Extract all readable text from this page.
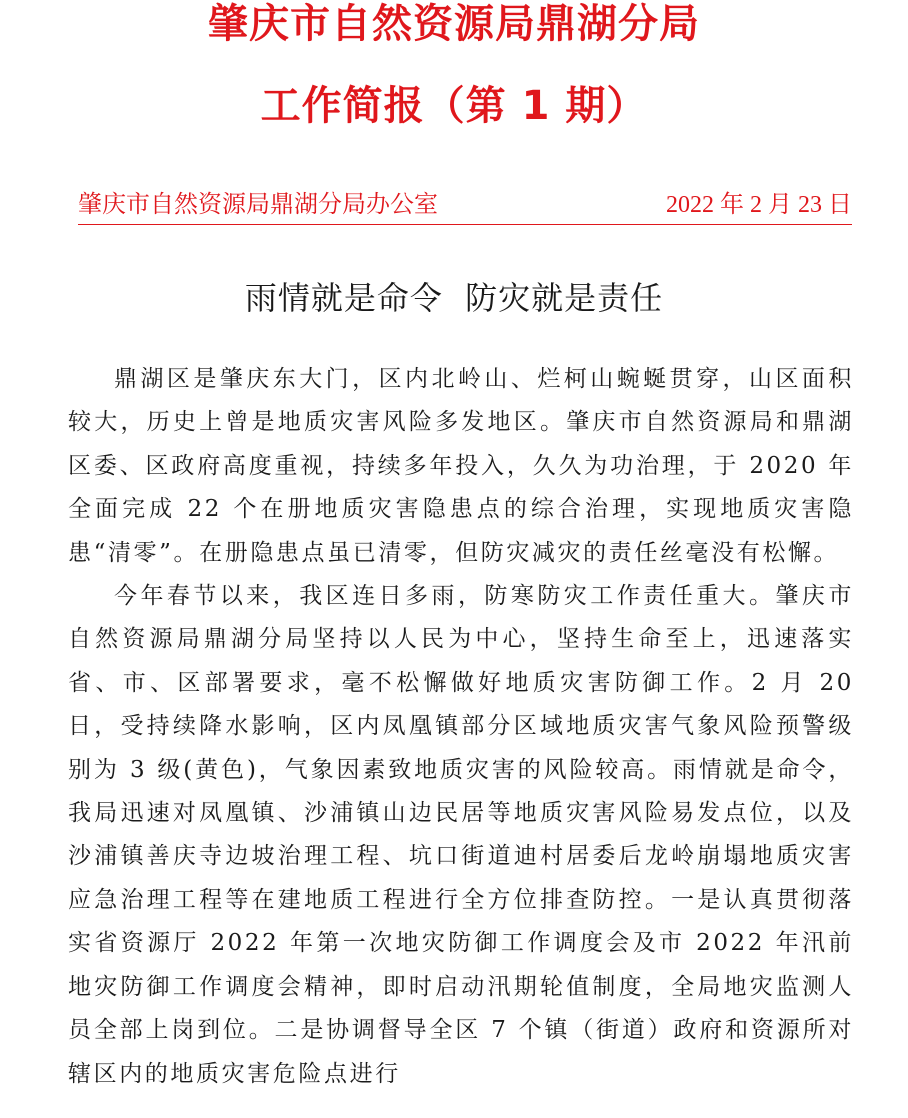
肇庆市自然资源局鼎湖分局
工作简报（第 1 期）
肇庆市自然资源局鼎湖分局办公室	2022 年 2 月 23 日
雨情就是命令  防灾就是责任

鼎湖区是肇庆东大门，区内北岭山、烂柯山蜿蜒贯穿，山区面积较大，历史上曾是地质灾害风险多发地区。肇庆市自然资源局和鼎湖区委、区政府高度重视，持续多年投入，久久为功治理，于 2020 年全面完成 22 个在册地质灾害隐患点的综合治理，实现地质灾害隐患“清零”。在册隐患点虽已清零，但防灾减灾的责任丝毫没有松懈。

今年春节以来，我区连日多雨，防寒防灾工作责任重大。肇庆市自然资源局鼎湖分局坚持以人民为中心，坚持生命至上，迅速落实省、市、区部署要求，毫不松懈做好地质灾害防御工作。2 月 20 日，受持续降水影响，区内凤凰镇部分区域地质灾害气象风险预警级别为 3 级(黄色)，气象因素致地质灾害的风险较高。雨情就是命令，我局迅速对凤凰镇、沙浦镇山边民居等地质灾害风险易发点位，以及沙浦镇善庆寺边坡治理工程、坑口街道迪村居委后龙岭崩塌地质灾害应急治理工程等在建地质工程进行全方位排查防控。一是认真贯彻落实省资源厅 2022 年第一次地灾防御工作调度会及市 2022 年汛前地灾防御工作调度会精神，即时启动汛期轮值制度，全局地灾监测人员全部上岗到位。二是协调督导全区 7 个镇（街道）政府和资源所对辖区内的地质灾害危险点进行
